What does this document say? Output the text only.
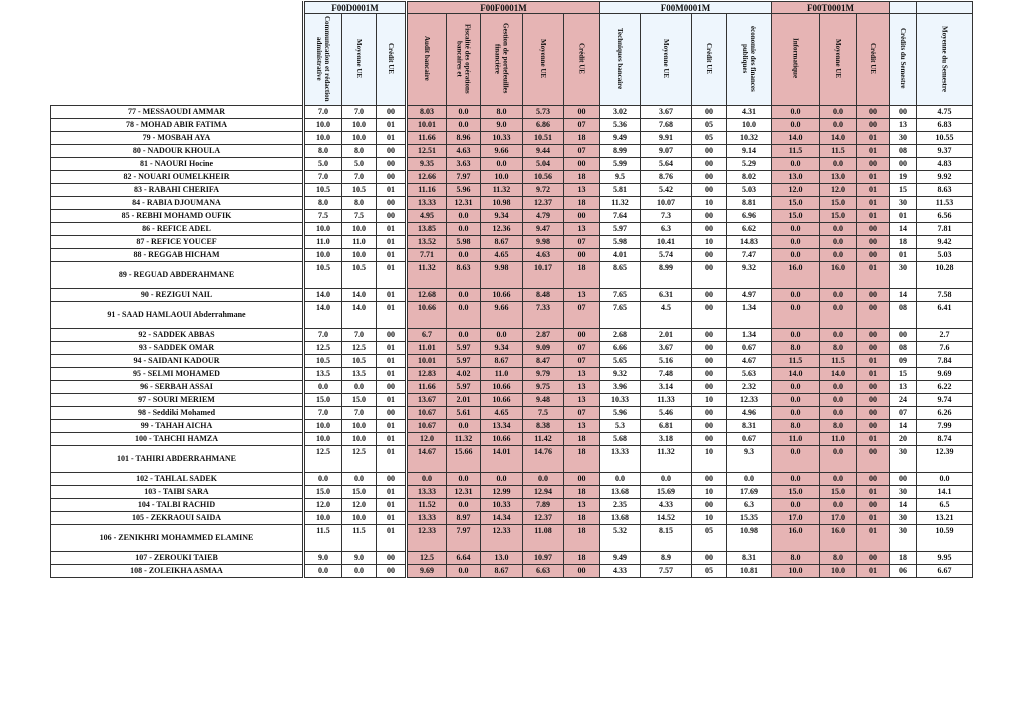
	F00D0001M			F00F0001M					F00M0001M				F00T0001M				
	Communication et rédaction administrative	Moyenne UE	Crédit UE	Audit bancaire	Fiscalité des opérations bancaires et	Gestion de portefeuilles financière	Moyenne UE	Crédit UE	Techniques bancaire	Moyenne UE	Crédit UE	économie des finances publiques	Informatique	Moyenne UE	Crédit UE	Crédits du Semestre	Moyenne du Semestre
77 - MESSAOUDI AMMAR	7.0	7.0	00	8.03	0.0	8.0	5.73	00	3.02	3.67	00	4.31	0.0	0.0	00	00	4.75
78 - MOHAD ABIR FATIMA	10.0	10.0	01	10.01	0.0	9.0	6.86	07	5.36	7.68	05	10.0	0.0	0.0	00	13	6.83
79 - MOSBAH AYA	10.0	10.0	01	11.66	8.96	10.33	10.51	18	9.49	9.91	05	10.32	14.0	14.0	01	30	10.55
80 - NADOUR KHOULA	8.0	8.0	00	12.51	4.63	9.66	9.44	07	8.99	9.07	00	9.14	11.5	11.5	01	08	9.37
81 - NAOURI Hocine	5.0	5.0	00	9.35	3.63	0.0	5.04	00	5.99	5.64	00	5.29	0.0	0.0	00	00	4.83
82 - NOUARI OUMELKHEIR	7.0	7.0	00	12.66	7.97	10.0	10.56	18	9.5	8.76	00	8.02	13.0	13.0	01	19	9.92
83 - RABAHI CHERIFA	10.5	10.5	01	11.16	5.96	11.32	9.72	13	5.81	5.42	00	5.03	12.0	12.0	01	15	8.63
84 - RABIA DJOUMANA	8.0	8.0	00	13.33	12.31	10.98	12.37	18	11.32	10.07	10	8.81	15.0	15.0	01	30	11.53
85 - REBHI MOHAMD OUFIK	7.5	7.5	00	4.95	0.0	9.34	4.79	00	7.64	7.3	00	6.96	15.0	15.0	01	01	6.56
86 - REFICE ADEL	10.0	10.0	01	13.85	0.0	12.36	9.47	13	5.97	6.3	00	6.62	0.0	0.0	00	14	7.81
87 - REFICE YOUCEF	11.0	11.0	01	13.52	5.98	8.67	9.98	07	5.98	10.41	10	14.83	0.0	0.0	00	18	9.42
88 - REGGAB HICHAM	10.0	10.0	01	7.71	0.0	4.65	4.63	00	4.01	5.74	00	7.47	0.0	0.0	00	01	5.03
89 - REGUAD ABDERAHMANE	10.5	10.5	01	11.32	8.63	9.98	10.17	18	8.65	8.99	00	9.32	16.0	16.0	01	30	10.28
90 - REZIGUI NAIL	14.0	14.0	01	12.68	0.0	10.66	8.48	13	7.65	6.31	00	4.97	0.0	0.0	00	14	7.58
91 - SAAD HAMLAOUI Abderrahmane	14.0	14.0	01	10.66	0.0	9.66	7.33	07	7.65	4.5	00	1.34	0.0	0.0	00	08	6.41
92 - SADDEK ABBAS	7.0	7.0	00	6.7	0.0	0.0	2.87	00	2.68	2.01	00	1.34	0.0	0.0	00	00	2.7
93 - SADDEK OMAR	12.5	12.5	01	11.01	5.97	9.34	9.09	07	6.66	3.67	00	0.67	8.0	8.0	00	08	7.6
94 - SAIDANI KADOUR	10.5	10.5	01	10.01	5.97	8.67	8.47	07	5.65	5.16	00	4.67	11.5	11.5	01	09	7.84
95 - SELMI MOHAMED	13.5	13.5	01	12.83	4.02	11.0	9.79	13	9.32	7.48	00	5.63	14.0	14.0	01	15	9.69
96 - SERBAH ASSAI	0.0	0.0	00	11.66	5.97	10.66	9.75	13	3.96	3.14	00	2.32	0.0	0.0	00	13	6.22
97 - SOURI MERIEM	15.0	15.0	01	13.67	2.01	10.66	9.48	13	10.33	11.33	10	12.33	0.0	0.0	00	24	9.74
98 - Seddiki Mohamed	7.0	7.0	00	10.67	5.61	4.65	7.5	07	5.96	5.46	00	4.96	0.0	0.0	00	07	6.26
99 - TAHAH AICHA	10.0	10.0	01	10.67	0.0	13.34	8.38	13	5.3	6.81	00	8.31	8.0	8.0	00	14	7.99
100 - TAHCHI HAMZA	10.0	10.0	01	12.0	11.32	10.66	11.42	18	5.68	3.18	00	0.67	11.0	11.0	01	20	8.74
101 - TAHIRI ABDERRAHMANE	12.5	12.5	01	14.67	15.66	14.01	14.76	18	13.33	11.32	10	9.3	0.0	0.0	00	30	12.39
102 - TAHLAL SADEK	0.0	0.0	00	0.0	0.0	0.0	0.0	00	0.0	0.0	00	0.0	0.0	0.0	00	00	0.0
103 - TAIBI SARA	15.0	15.0	01	13.33	12.31	12.99	12.94	18	13.68	15.69	10	17.69	15.0	15.0	01	30	14.1
104 - TALBI RACHID	12.0	12.0	01	11.52	0.0	10.33	7.89	13	2.35	4.33	00	6.3	0.0	0.0	00	14	6.5
105 - ZEKRAOUI SAIDA	10.0	10.0	01	13.33	8.97	14.34	12.37	18	13.68	14.52	10	15.35	17.0	17.0	01	30	13.21
106 - ZENIKHRI MOHAMMED ELAMINE	11.5	11.5	01	12.33	7.97	12.33	11.08	18	5.32	8.15	05	10.98	16.0	16.0	01	30	10.59
107 - ZEROUKI TAIEB	9.0	9.0	00	12.5	6.64	13.0	10.97	18	9.49	8.9	00	8.31	8.0	8.0	00	18	9.95
108 - ZOLEIKHA ASMAA	0.0	0.0	00	9.69	0.0	8.67	6.63	00	4.33	7.57	05	10.81	10.0	10.0	01	06	6.67
